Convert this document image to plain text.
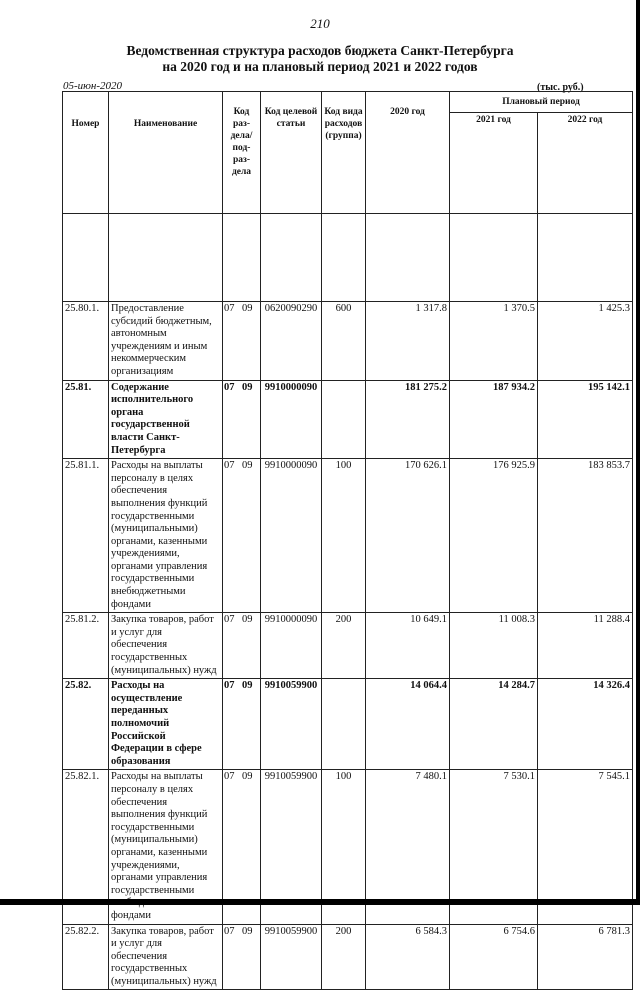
210
Ведомственная структура расходов бюджета Санкт-Петербурга
на 2020 год и на плановый период 2021 и 2022 годов
05-июн-2020	(тыс. руб.)
Номер	Наименование	Код раз-дела/ под-раз-дела	Код целевой статьи	Код вида расходов (группа)	2020 год	Плановый период	
						2021 год	2022 год

25.80.1.	Предоставление субсидий бюджетным, автономным учреждениям и иным некоммерческим организациям	07 09	0620090290	600	1 317.8	1 370.5	1 425.3
25.81.	Содержание исполнительного органа государственной власти Санкт-Петербурга	07 09	9910000090		181 275.2	187 934.2	195 142.1
25.81.1.	Расходы на выплаты персоналу в целях обеспечения выполнения функций государственными (муниципальными) органами, казенными учреждениями, органами управления государственными внебюджетными фондами	07 09	9910000090	100	170 626.1	176 925.9	183 853.7
25.81.2.	Закупка товаров, работ и услуг для обеспечения государственных (муниципальных) нужд	07 09	9910000090	200	10 649.1	11 008.3	11 288.4
25.82.	Расходы на осуществление переданных полномочий Российской Федерации в сфере образования	07 09	9910059900		14 064.4	14 284.7	14 326.4
25.82.1.	Расходы на выплаты персоналу в целях обеспечения выполнения функций государственными (муниципальными) органами, казенными учреждениями, органами управления государственными фондами	07 09	9910059900	100	7 480.1	7 530.1	7 545.1
25.82.2.	Закупка товаров, работ и услуг для обеспечения государственных (муниципальных) нужд	07 09	9910059900	200	6 584.3	6 754.6	6 781.3
